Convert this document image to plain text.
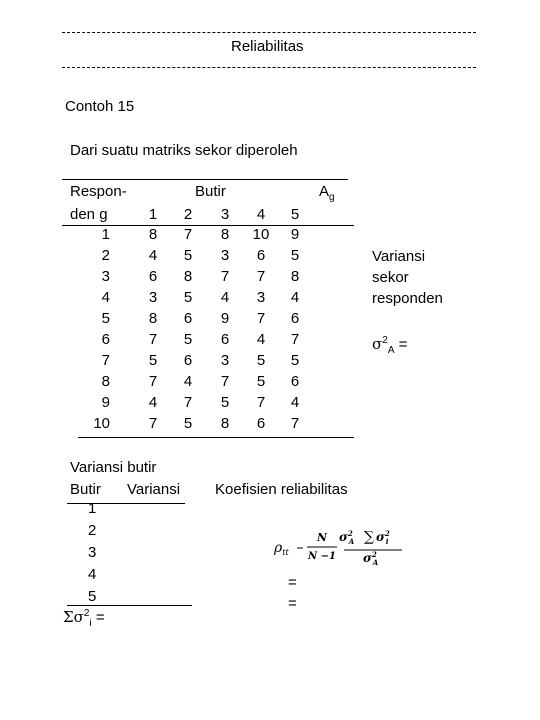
Reliabilitas
Contoh 15
Dari suatu matriks sekor diperoleh
Respon-
den g
Butir	$A_g$
1	2	3	4	5
1	8	7	8	10	9
2	4	5	3	6	5
3	6	8	7	7	8
4	3	5	4	3	4
5	8	6	9	7	6
6	7	5	6	4	7
7	5	6	3	5	5
8	7	4	7	5	6
9	4	7	5	7	4
10	7	5	8	6	7
Variansi
sekor
responden
$\sigma^2_A$ =
Variansi butir
Butir Variansi
1
2
3
4
5
$\Sigma\sigma^2_i$ =
Koefisien reliabilitas
$\rho_{tt}$
N
N −1
$\sigma^2$ A ∑ $\sigma^2$ i
$\sigma^2$ A
=
=
